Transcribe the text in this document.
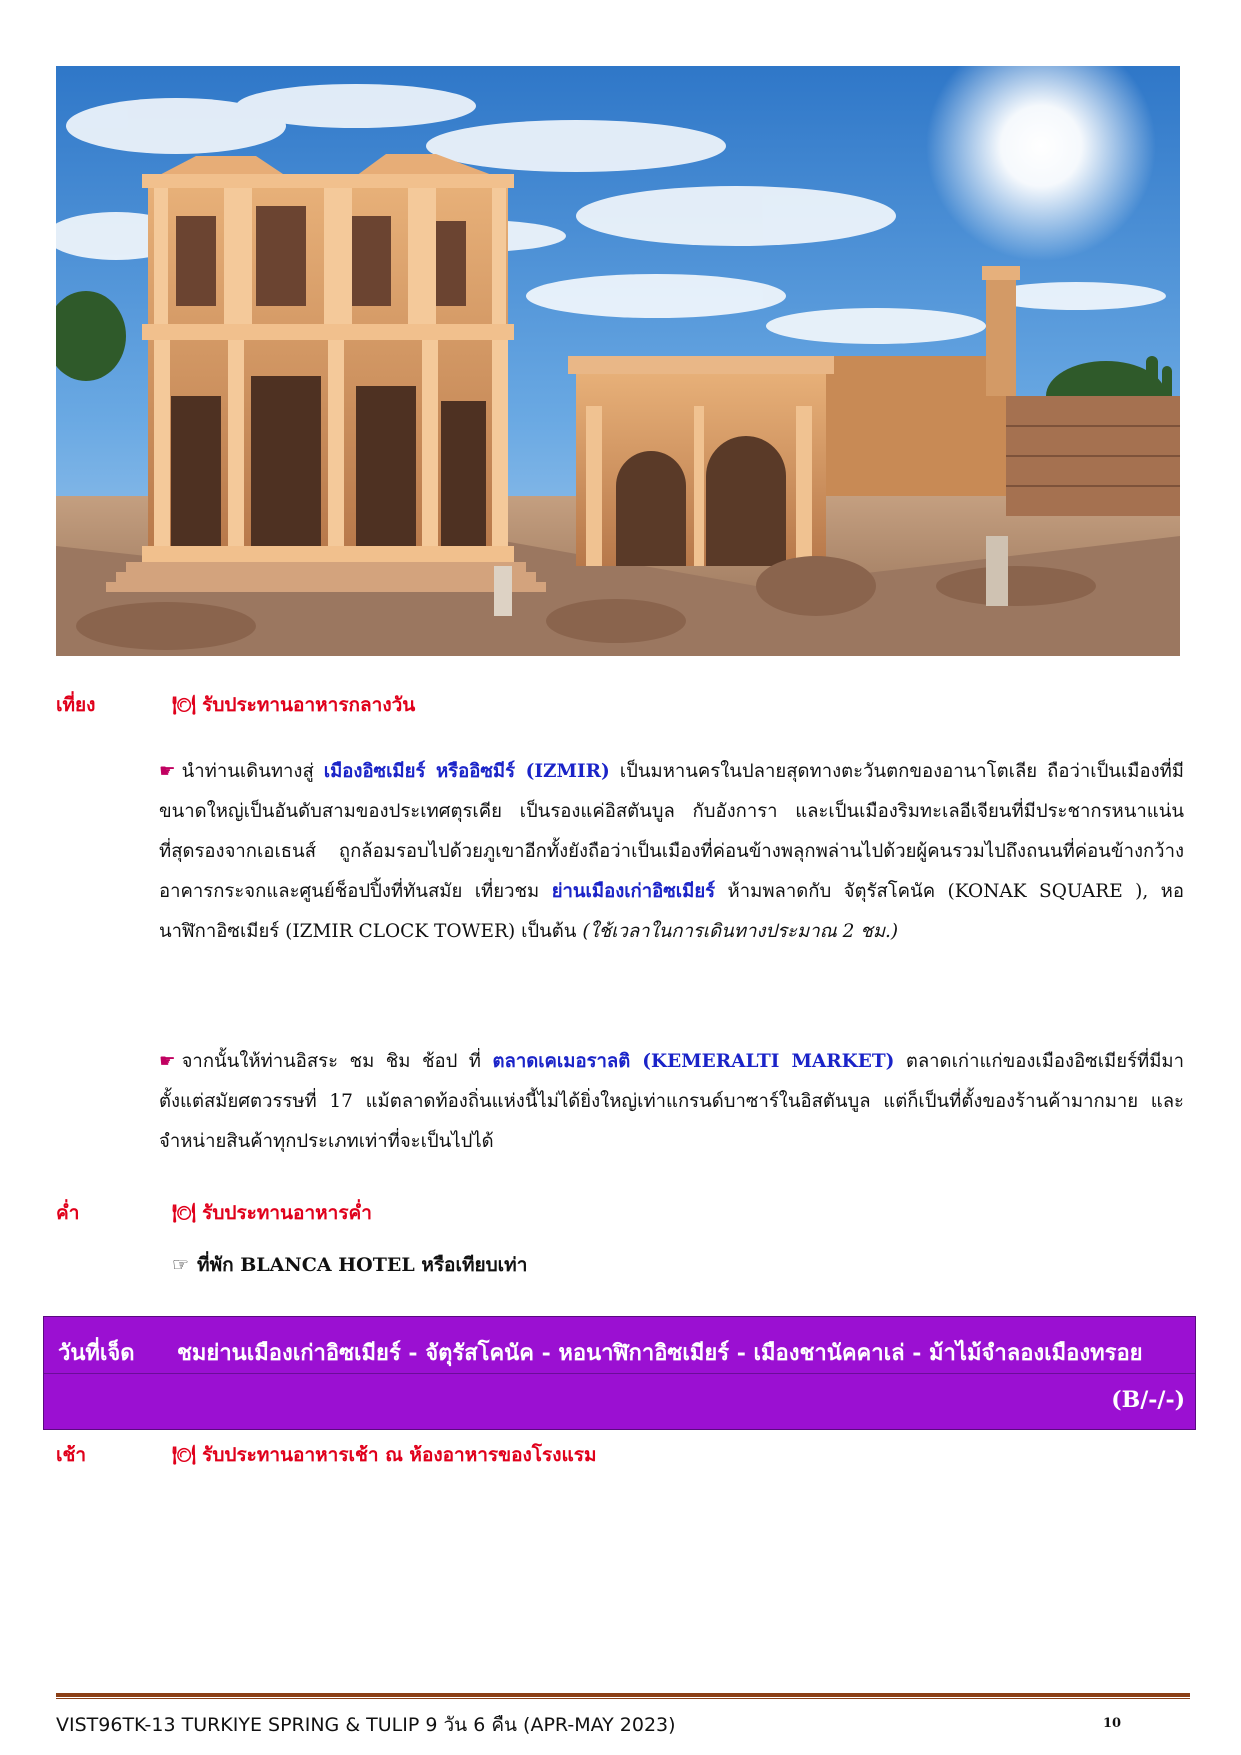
เที่ยง	🍽 รับประทานอาหารกลางวัน
☛ นำท่านเดินทางสู่ เมืองอิซเมียร์ หรืออิซมีร์ (IZMIR) เป็นมหานครในปลายสุดทางตะวันตกของอานาโตเลีย ถือว่าเป็นเมืองที่มีขนาดใหญ่เป็นอันดับสามของประเทศตุรเคีย เป็นรองแค่อิสตันบูล กับอังการา และเป็นเมืองริมทะเลอีเจียนที่มีประชากรหนาแน่นที่สุดรองจากเอเธนส์ ถูกล้อมรอบไปด้วยภูเขาอีกทั้งยังถือว่าเป็นเมืองที่ค่อนข้างพลุกพล่านไปด้วยผู้คนรวมไปถึงถนนที่ค่อนข้างกว้าง อาคารกระจกและศูนย์ช็อปปิ้งที่ทันสมัย เที่ยวชม ย่านเมืองเก่าอิซเมียร์ ห้ามพลาดกับ จัตุรัสโคนัค (KONAK SQUARE ), หอนาฬิกาอิซเมียร์ (IZMIR CLOCK TOWER) เป็นต้น (ใช้เวลาในการเดินทางประมาณ 2 ชม.)
☛ จากนั้นให้ท่านอิสระ ชม ชิม ช้อป ที่ ตลาดเคเมอราลติ (KEMERALTI MARKET) ตลาดเก่าแก่ของเมืองอิซเมียร์ที่มีมาตั้งแต่สมัยศตวรรษที่ 17 แม้ตลาดท้องถิ่นแห่งนี้ไม่ได้ยิ่งใหญ่เท่าแกรนด์บาซาร์ในอิสตันบูล แต่ก็เป็นที่ตั้งของร้านค้ามากมาย และจำหน่ายสินค้าทุกประเภทเท่าที่จะเป็นไปได้
ค่ำ	🍽 รับประทานอาหารค่ำ
☞ ที่พัก BLANCA HOTEL หรือเทียบเท่า
วันที่เจ็ด ชมย่านเมืองเก่าอิซเมียร์ - จัตุรัสโคนัค - หอนาฬิกาอิซเมียร์ - เมืองชานัคคาเล่ - ม้าไม้จำลองเมืองทรอย
(B/-/-)
เช้า	🍽 รับประทานอาหารเช้า ณ ห้องอาหารของโรงแรม
VIST96TK-13 TURKIYE SPRING & TULIP 9 วัน 6 คืน (APR-MAY 2023)	10
